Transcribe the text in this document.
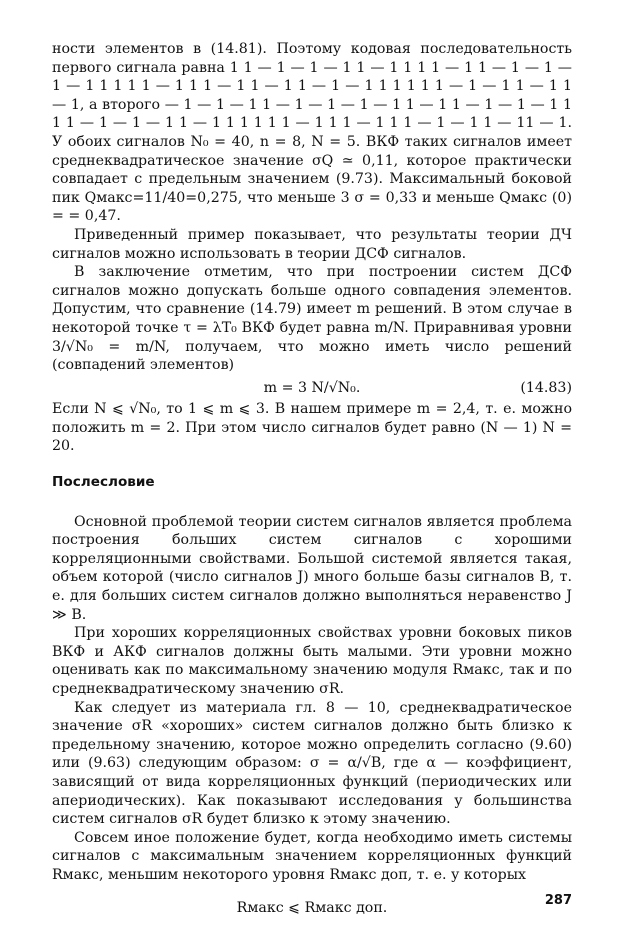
ности элементов в (14.81). Поэтому кодовая последовательность первого сигнала равна 1 1 — 1 — 1 — 1 1 — 1 1 1 1 — 1 1 — 1 — 1 — 1 — 1 1 1 1 1 — 1 1 1 — 1 1 — 1 1 — 1 — 1 1 1 1 1 1 — 1 — 1 1 — 1 1 — 1, а второго — 1 — 1 — 1 1 — 1 — 1 — 1 — 1 1 — 1 1 — 1 — 1 — 1 1 1 1 — 1 — 1 — 1 1 — 1 1 1 1 1 1 — 1 1 1 — 1 1 1 — 1 — 1 1 — 11 — 1. У обоих сигналов N₀ = 40, n = 8, N = 5. ВКФ таких сигналов имеет среднеквадратическое значение σQ ≃ 0,11, которое практически совпадает с предельным значением (9.73). Максимальный боковой пик Qмакс=11/40=0,275, что меньше 3 σ = 0,33 и меньше Qмакс (0) = = 0,47.

Приведенный пример показывает, что результаты теории ДЧ сигналов можно использовать в теории ДСФ сигналов.

В заключение отметим, что при построении систем ДСФ сигналов можно допускать больше одного совпадения элементов. Допустим, что сравнение (14.79) имеет m решений. В этом случае в некоторой точке τ = λT₀ ВКФ будет равна m/N. Приравнивая уровни 3/√N₀ = m/N, получаем, что можно иметь число решений (совпадений элементов)

m = 3 N/√N₀.	(14.83)

Если N ⩽ √N₀, то 1 ⩽ m ⩽ 3. В нашем примере m = 2,4, т. е. можно положить m = 2. При этом число сигналов будет равно (N — 1) N = 20.

Послесловие

Основной проблемой теории систем сигналов является проблема построения больших систем сигналов с хорошими корреляционными свойствами. Большой системой является такая, объем которой (число сигналов J) много больше базы сигналов B, т. е. для больших систем сигналов должно выполняться неравенство J ≫ B.

При хороших корреляционных свойствах уровни боковых пиков ВКФ и АКФ сигналов должны быть малыми. Эти уровни можно оценивать как по максимальному значению модуля Rмакс, так и по среднеквадратическому значению σR.

Как следует из материала гл. 8 — 10, среднеквадратическое значение σR «хороших» систем сигналов должно быть близко к предельному значению, которое можно определить согласно (9.60) или (9.63) следующим образом: σ = α/√B, где α — коэффициент, зависящий от вида корреляционных функций (периодических или апериодических). Как показывают исследования у большинства систем сигналов σR будет близко к этому значению.

Совсем иное положение будет, когда необходимо иметь системы сигналов с максимальным значением корреляционных функций Rмакс, меньшим некоторого уровня Rмакс доп, т. е. у которых

Rмакс ⩽ Rмакс доп.	287
